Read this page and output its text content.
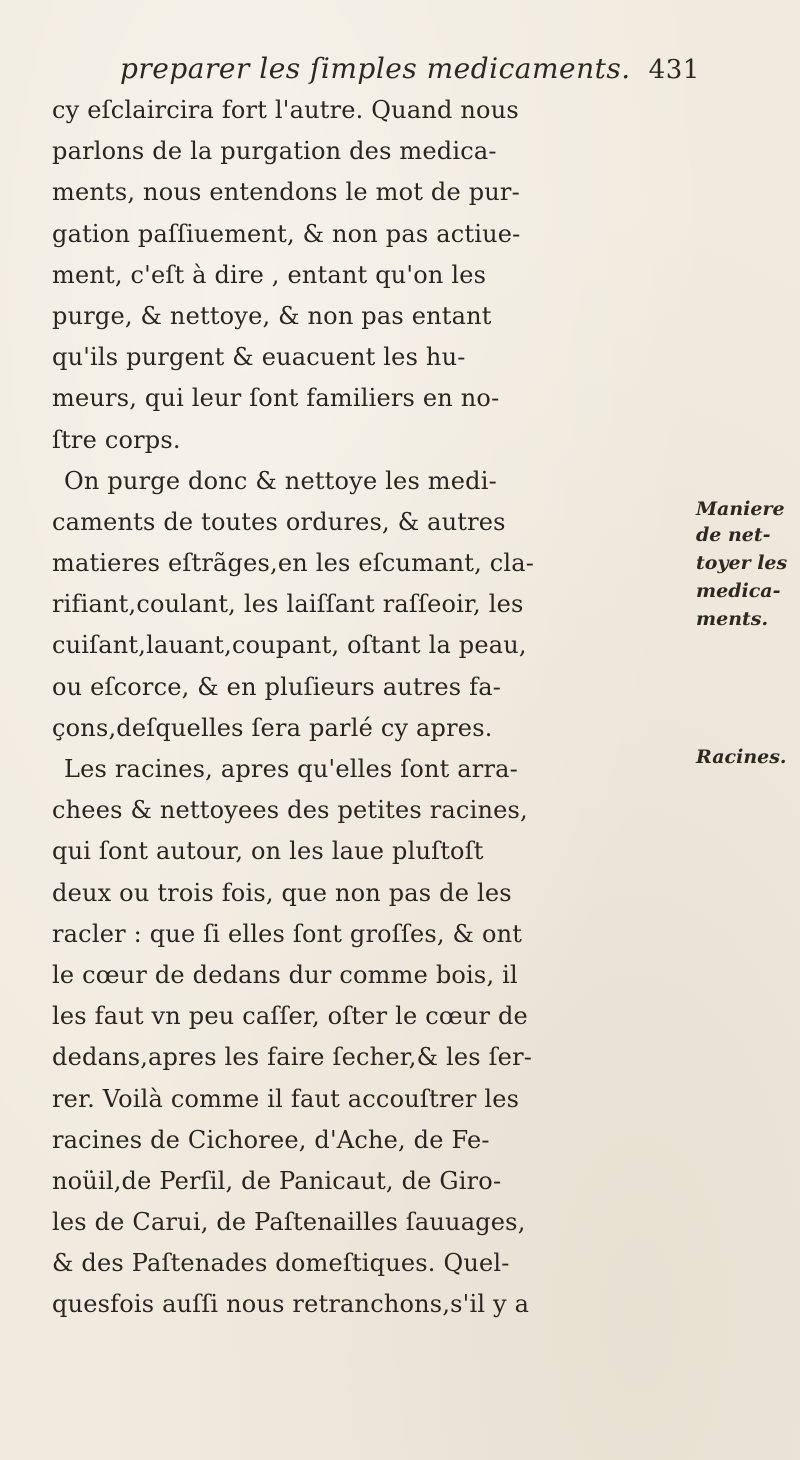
preparer les ſimples medicaments. 431
cy eſclaircira fort l'autre. Quand nous
parlons de la purgation des medica-
ments, nous entendons le mot de pur-
gation paſſiuement, & non pas actiue-
ment, c'eſt à dire , entant qu'on les
purge, & nettoye, & non pas entant
qu'ils purgent & euacuent les hu-
meurs, qui leur ſont familiers en no-
ſtre corps.
On purge donc & nettoye les medi-
caments de toutes ordures, & autres
matieres eſtrãges,en les eſcumant, cla-
rifiant,coulant, les laiſſant raſſeoir, les
cuiſant,lauant,coupant, oſtant la peau,
ou eſcorce, & en pluſieurs autres fa-
çons,deſquelles ſera parlé cy apres.
Les racines, apres qu'elles ſont arra-
chees & nettoyees des petites racines,
qui ſont autour, on les laue pluſtoſt
deux ou trois fois, que non pas de les
racler : que ſi elles ſont groſſes, & ont
le cœur de dedans dur comme bois, il
les faut vn peu caſſer, oſter le cœur de
dedans,apres les faire ſecher,& les ſer-
rer. Voilà comme il faut accouſtrer les
racines de Cichoree, d'Ache, de Fe-
noüil,de Perſil, de Panicaut, de Giro-
les de Carui, de Paſtenailles ſauuages,
& des Paſtenades domeſtiques. Quel-
quesfois auſſi nous retranchons,s'il y a
Maniere
de net-
toyer les
medica-
ments.
Racines.
